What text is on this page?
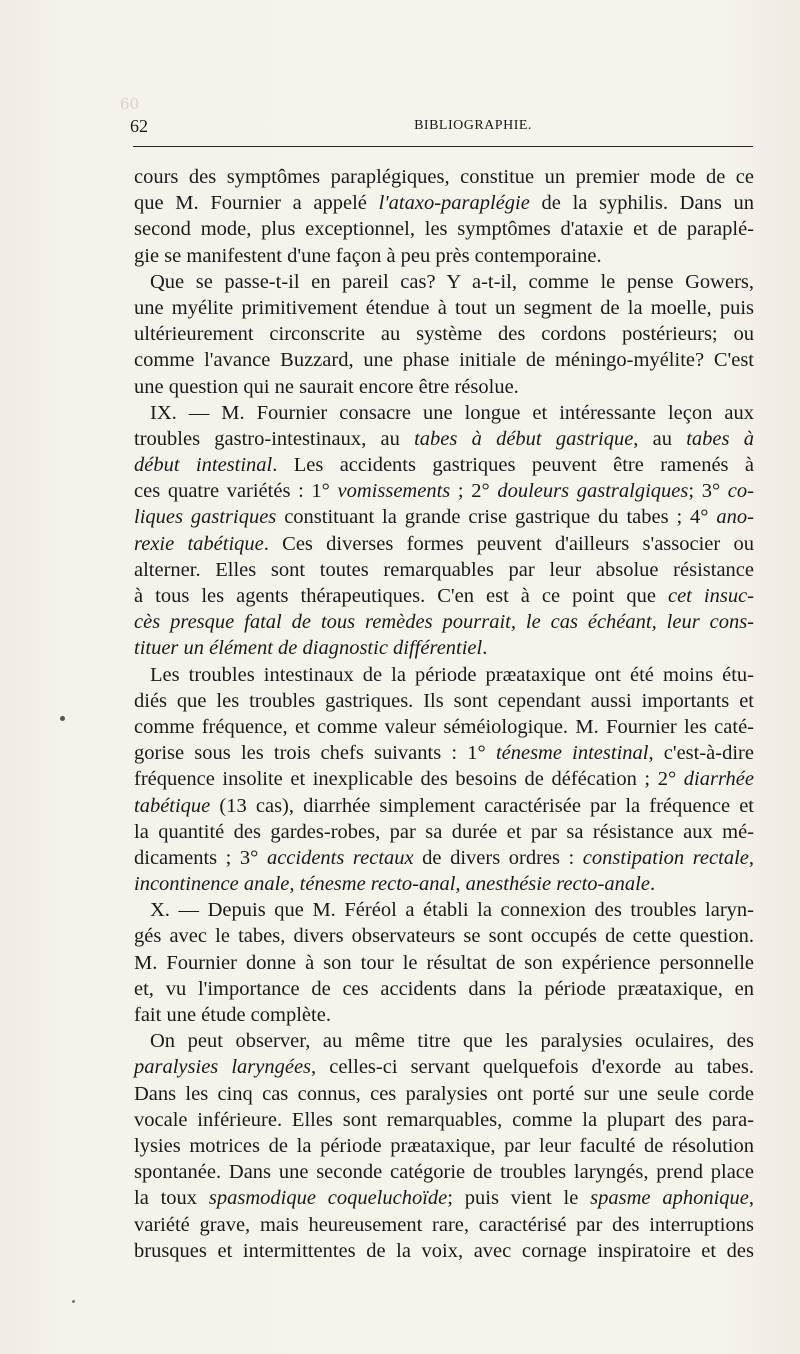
60
62	BIBLIOGRAPHIE.
cours des symptômes paraplégiques, constitue un premier mode de ce
que M. Fournier a appelé l'ataxo-paraplégie de la syphilis. Dans un
second mode, plus exceptionnel, les symptômes d'ataxie et de paraplé-
gie se manifestent d'une façon à peu près contemporaine.
Que se passe-t-il en pareil cas? Y a-t-il, comme le pense Gowers,
une myélite primitivement étendue à tout un segment de la moelle, puis
ultérieurement circonscrite au système des cordons postérieurs; ou
comme l'avance Buzzard, une phase initiale de méningo-myélite? C'est
une question qui ne saurait encore être résolue.
IX. — M. Fournier consacre une longue et intéressante leçon aux
troubles gastro-intestinaux, au tabes à début gastrique, au tabes à
début intestinal. Les accidents gastriques peuvent être ramenés à
ces quatre variétés : 1° vomissements ; 2° douleurs gastralgiques; 3° co-
liques gastriques constituant la grande crise gastrique du tabes ; 4° ano-
rexie tabétique. Ces diverses formes peuvent d'ailleurs s'associer ou
alterner. Elles sont toutes remarquables par leur absolue résistance
à tous les agents thérapeutiques. C'en est à ce point que cet insuc-
cès presque fatal de tous remèdes pourrait, le cas échéant, leur cons-
tituer un élément de diagnostic différentiel.
Les troubles intestinaux de la période præataxique ont été moins étu-
diés que les troubles gastriques. Ils sont cependant aussi importants et
comme fréquence, et comme valeur séméiologique. M. Fournier les caté-
gorise sous les trois chefs suivants : 1° ténesme intestinal, c'est-à-dire
fréquence insolite et inexplicable des besoins de défécation ; 2° diarrhée
tabétique (13 cas), diarrhée simplement caractérisée par la fréquence et
la quantité des gardes-robes, par sa durée et par sa résistance aux mé-
dicaments ; 3° accidents rectaux de divers ordres : constipation rectale,
incontinence anale, ténesme recto-anal, anesthésie recto-anale.
X. — Depuis que M. Féréol a établi la connexion des troubles laryn-
gés avec le tabes, divers observateurs se sont occupés de cette question.
M. Fournier donne à son tour le résultat de son expérience personnelle
et, vu l'importance de ces accidents dans la période præataxique, en
fait une étude complète.
On peut observer, au même titre que les paralysies oculaires, des
paralysies laryngées, celles-ci servant quelquefois d'exorde au tabes.
Dans les cinq cas connus, ces paralysies ont porté sur une seule corde
vocale inférieure. Elles sont remarquables, comme la plupart des para-
lysies motrices de la période præataxique, par leur faculté de résolution
spontanée. Dans une seconde catégorie de troubles laryngés, prend place
la toux spasmodique coqueluchoïde; puis vient le spasme aphonique,
variété grave, mais heureusement rare, caractérisé par des interruptions
brusques et intermittentes de la voix, avec cornage inspiratoire et des
